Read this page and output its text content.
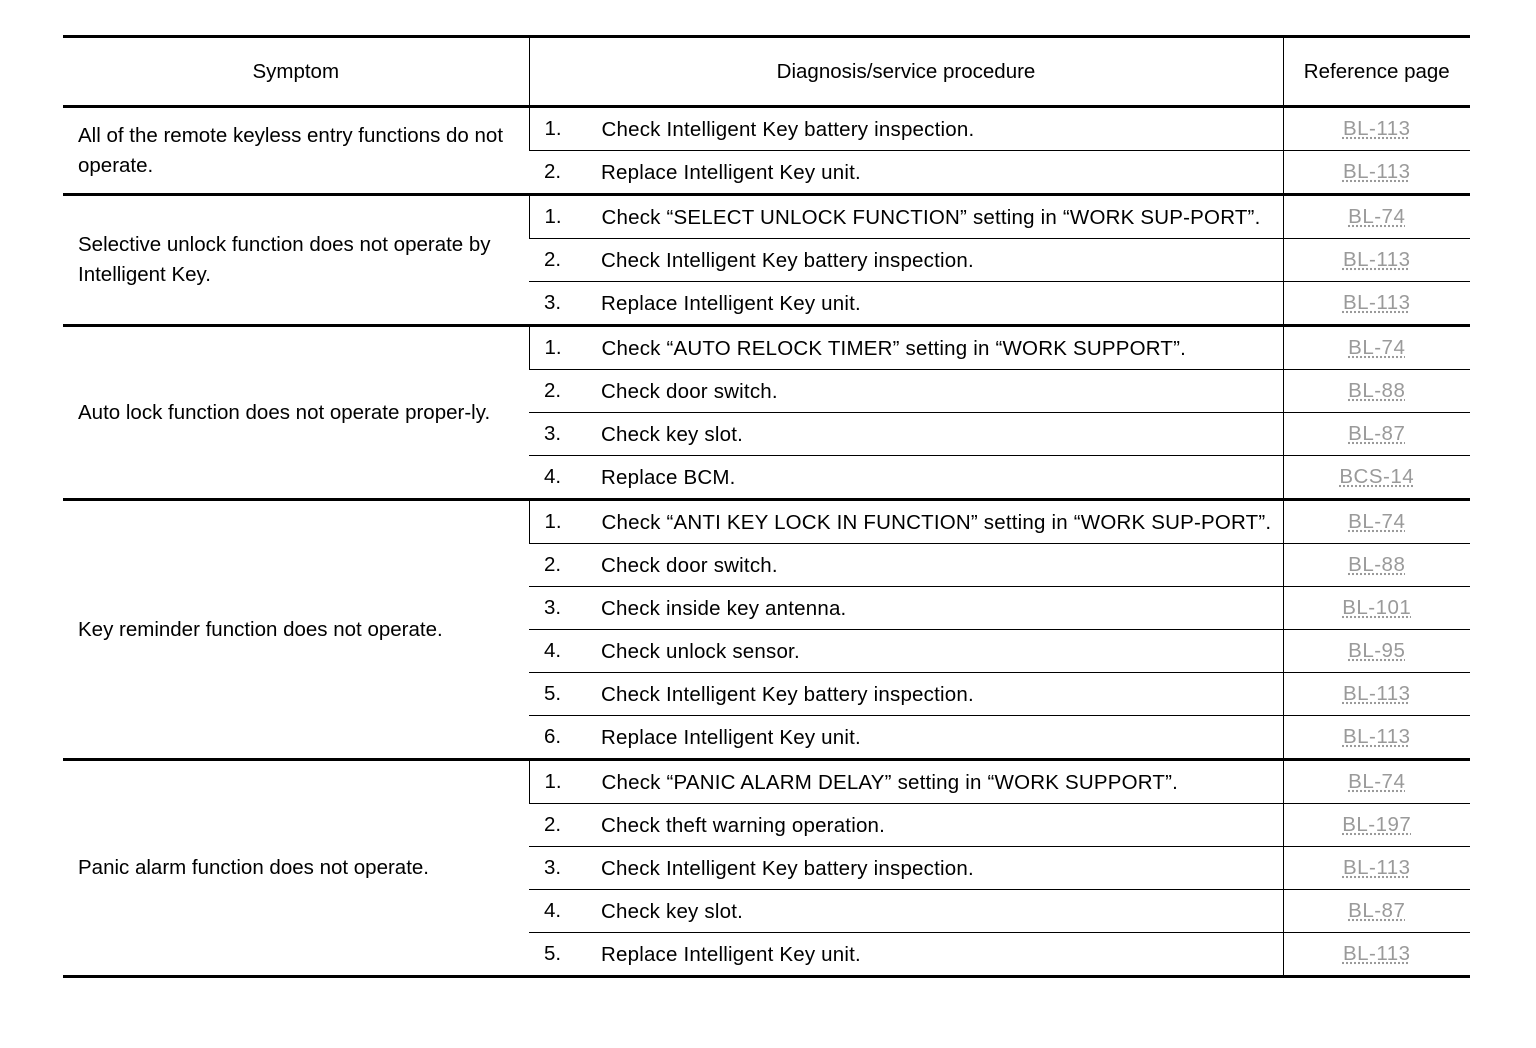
Symptom	Diagnosis/service procedure	Reference page
All of the remote keyless entry functions do not operate.	1. Check Intelligent Key battery inspection.	BL-113

	2. Replace Intelligent Key unit.	BL-113
Selective unlock function does not operate by Intelligent Key.	1. Check “SELECT UNLOCK FUNCTION” setting in “WORK SUP-PORT”.	BL-74

	2. Check Intelligent Key battery inspection.	BL-113

	3. Replace Intelligent Key unit.	BL-113
Auto lock function does not operate proper-ly.	1. Check “AUTO RELOCK TIMER” setting in “WORK SUPPORT”.	BL-74

	2. Check door switch.	BL-88

	3. Check key slot.	BL-87

	4. Replace BCM.	BCS-14
Key reminder function does not operate.	1. Check “ANTI KEY LOCK IN FUNCTION” setting in “WORK SUP-PORT”.	BL-74

	2. Check door switch.	BL-88

	3. Check inside key antenna.	BL-101

	4. Check unlock sensor.	BL-95

	5. Check Intelligent Key battery inspection.	BL-113

	6. Replace Intelligent Key unit.	BL-113
Panic alarm function does not operate.	1. Check “PANIC ALARM DELAY” setting in “WORK SUPPORT”.	BL-74

	2. Check theft warning operation.	BL-197

	3. Check Intelligent Key battery inspection.	BL-113

	4. Check key slot.	BL-87

	5. Replace Intelligent Key unit.	BL-113
